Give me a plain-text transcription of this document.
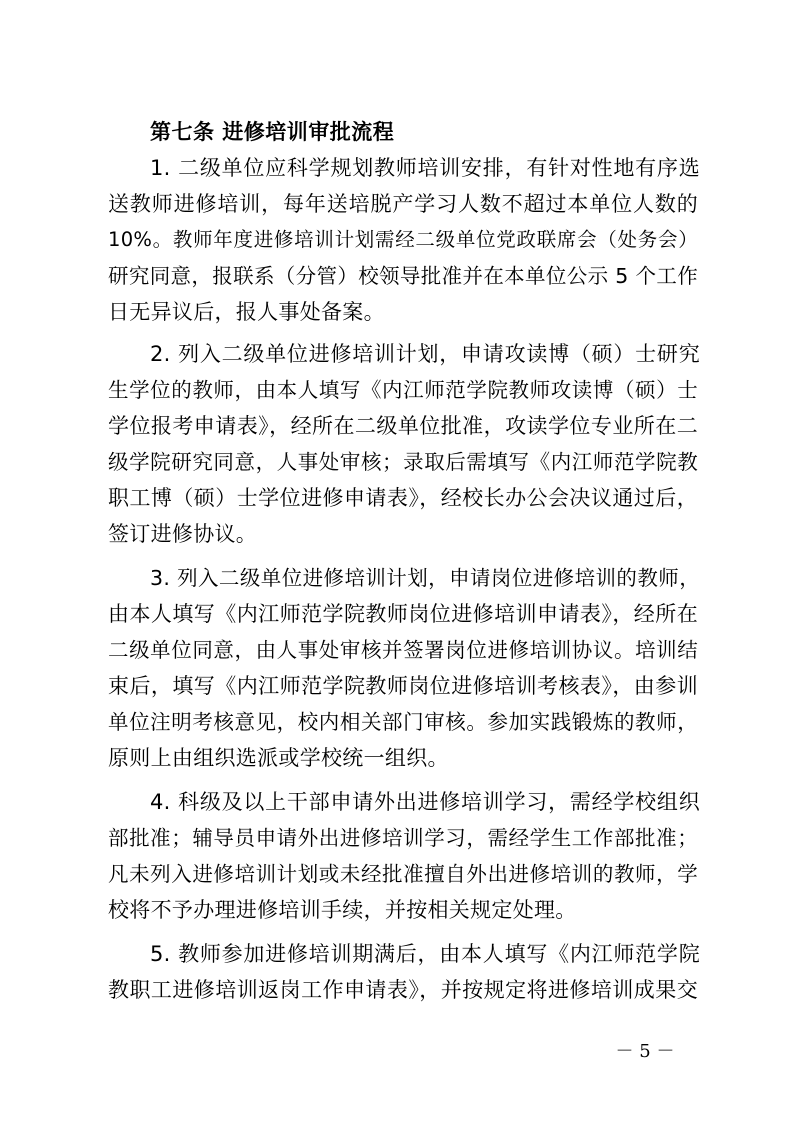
第七条 进修培训审批流程
1. 二级单位应科学规划教师培训安排，有针对性地有序选
送教师进修培训，每年送培脱产学习人数不超过本单位人数的
10%。教师年度进修培训计划需经二级单位党政联席会（处务会）
研究同意，报联系（分管）校领导批准并在本单位公示 5 个工作
日无异议后，报人事处备案。
2. 列入二级单位进修培训计划，申请攻读博（硕）士研究
生学位的教师，由本人填写《内江师范学院教师攻读博（硕）士
学位报考申请表》，经所在二级单位批准，攻读学位专业所在二
级学院研究同意，人事处审核；录取后需填写《内江师范学院教
职工博（硕）士学位进修申请表》，经校长办公会决议通过后，
签订进修协议。
3. 列入二级单位进修培训计划，申请岗位进修培训的教师，
由本人填写《内江师范学院教师岗位进修培训申请表》，经所在
二级单位同意，由人事处审核并签署岗位进修培训协议。培训结
束后，填写《内江师范学院教师岗位进修培训考核表》，由参训
单位注明考核意见，校内相关部门审核。参加实践锻炼的教师，
原则上由组织选派或学校统一组织。
4. 科级及以上干部申请外出进修培训学习，需经学校组织
部批准；辅导员申请外出进修培训学习，需经学生工作部批准；
凡未列入进修培训计划或未经批准擅自外出进修培训的教师，学
校将不予办理进修培训手续，并按相关规定处理。
5. 教师参加进修培训期满后，由本人填写《内江师范学院
教职工进修培训返岗工作申请表》，并按规定将进修培训成果交
－ 5 －
